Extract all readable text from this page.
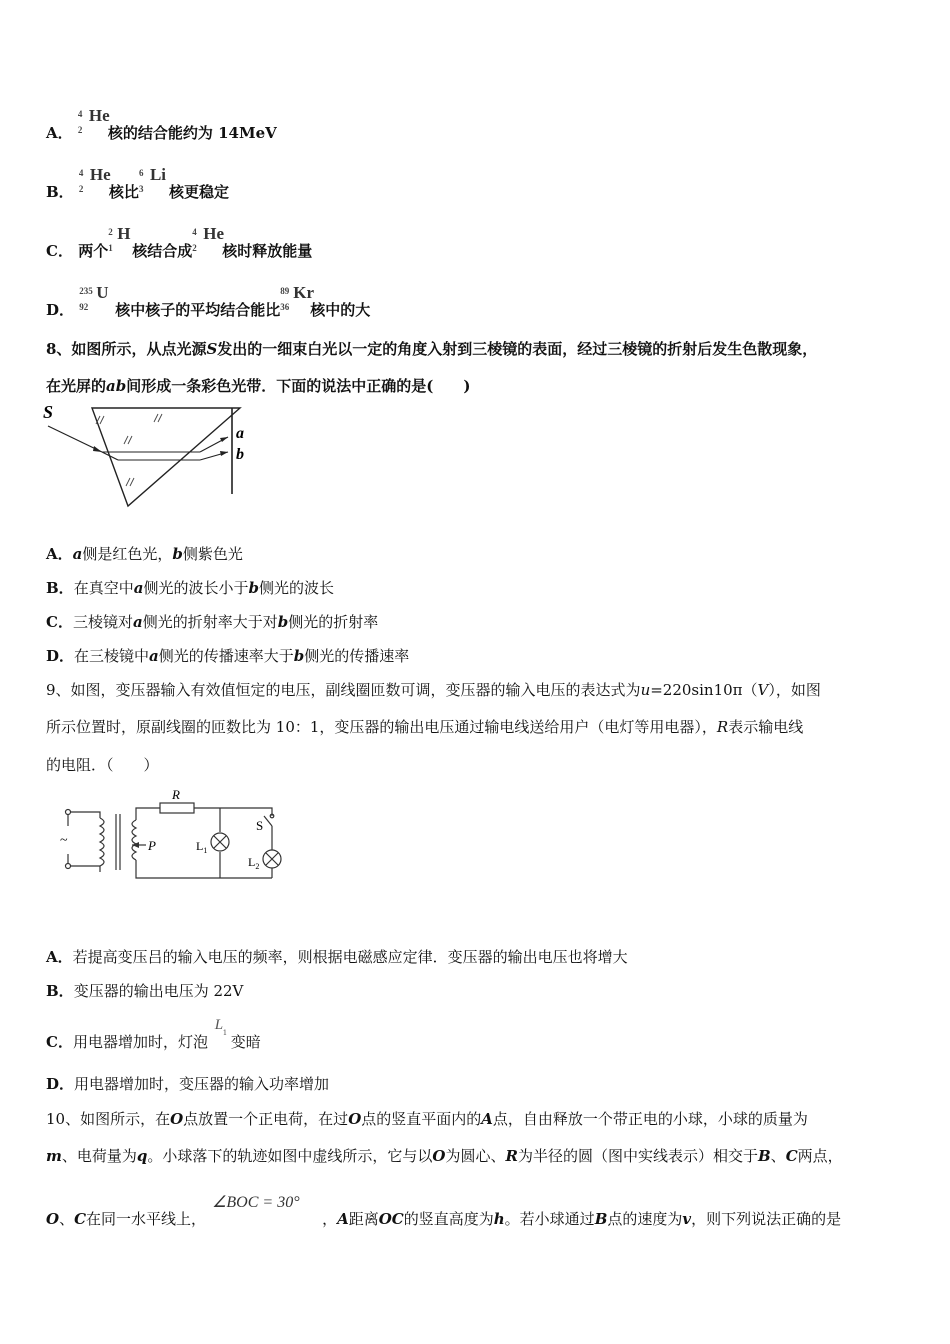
A．
4
2
He
核的结合能约为 14MeV
B．
4
2
He
核比
6
3
Li
核更稳定
C． 两个
2
1
H
核结合成
4
2
He
核时释放能量
D．
235
92
U
核中核子的平均结合能比
89
36
Kr
核中的大
8、如图所示，从点光源S发出的一细束白光以一定的角度入射到三棱镜的表面，经过三棱镜的折射后发生色散现象，
在光屏的ab间形成一条彩色光带．下面的说法中正确的是(　　)
S
a
b
A．a侧是红色光，b侧紫色光
B．在真空中a侧光的波长小于b侧光的波长
C．三棱镜对a侧光的折射率大于对b侧光的折射率
D．在三棱镜中a侧光的传播速率大于b侧光的传播速率
9、如图，变压器输入有效值恒定的电压，副线圈匝数可调，变压器的输入电压的表达式为u=220sin10π（V），如图
所示位置时，原副线圈的匝数比为 10：1，变压器的输出电压通过输电线送给用户（电灯等用电器），R表示输电线
的电阻．（　　）
~
R
P
S
$L_1$
$L_2$
A．若提高变压吕的输入电压的频率，则根据电磁感应定律．变压器的输出电压也将增大
B．变压器的输出电压为 22V
C．用电器增加时，灯泡
L 1 变暗
D．用电器增加时，变压器的输入功率增加
10、如图所示，在O点放置一个正电荷，在过O点的竖直平面内的A点，自由释放一个带正电的小球，小球的质量为
m、电荷量为q。小球落下的轨迹如图中虚线所示，它与以O为圆心、R为半径的圆（图中实线表示）相交于B、C两点，
O、C在同一水平线上，
∠BOC = 30°
，A距离OC的竖直高度为h。若小球通过B点的速度为v，则下列说法正确的是
